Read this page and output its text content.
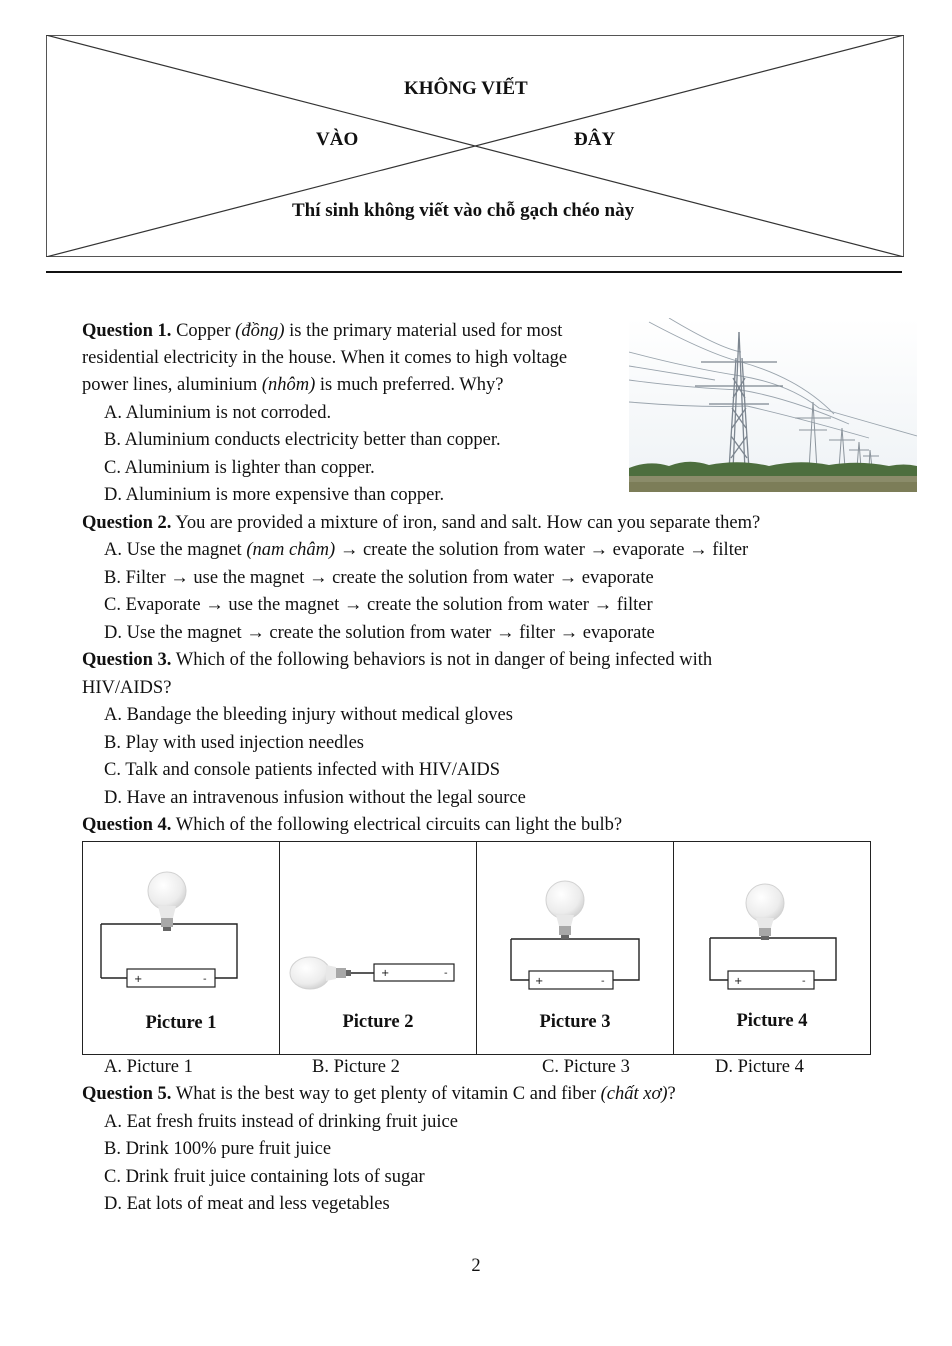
KHÔNG VIẾT
VÀO	ĐÂY
Thí sinh không viết vào chỗ gạch chéo này
Question 1. Copper (đồng) is the primary material used for most
residential electricity in the house. When it comes to high voltage
power lines, aluminium (nhôm) is much preferred. Why?
A. Aluminium is not corroded.
B. Aluminium conducts electricity better than copper.
C. Aluminium is lighter than copper.
D. Aluminium is more expensive than copper.
Question 2. You are provided a mixture of iron, sand and salt. How can you separate them?
A. Use the magnet (nam châm) → create the solution from water → evaporate → filter
B. Filter → use the magnet → create the solution from water → evaporate
C. Evaporate → use the magnet → create the solution from water → filter
D. Use the magnet → create the solution from water → filter → evaporate
Question 3. Which of the following behaviors is not in danger of being infected with
HIV/AIDS?
A. Bandage the bleeding injury without medical gloves
B. Play with used injection needles
C. Talk and console patients infected with HIV/AIDS
D. Have an intravenous infusion without the legal source
Question 4. Which of the following electrical circuits can light the bulb?
+	-
Picture 1
+	-
Picture 2
+	-
Picture 3
+	-
Picture 4
A. Picture 1	B. Picture 2	C. Picture 3	D. Picture 4
Question 5. What is the best way to get plenty of vitamin C and fiber (chất xơ)?
A. Eat fresh fruits instead of drinking fruit juice
B. Drink 100% pure fruit juice
C. Drink fruit juice containing lots of sugar
D. Eat lots of meat and less vegetables
2
